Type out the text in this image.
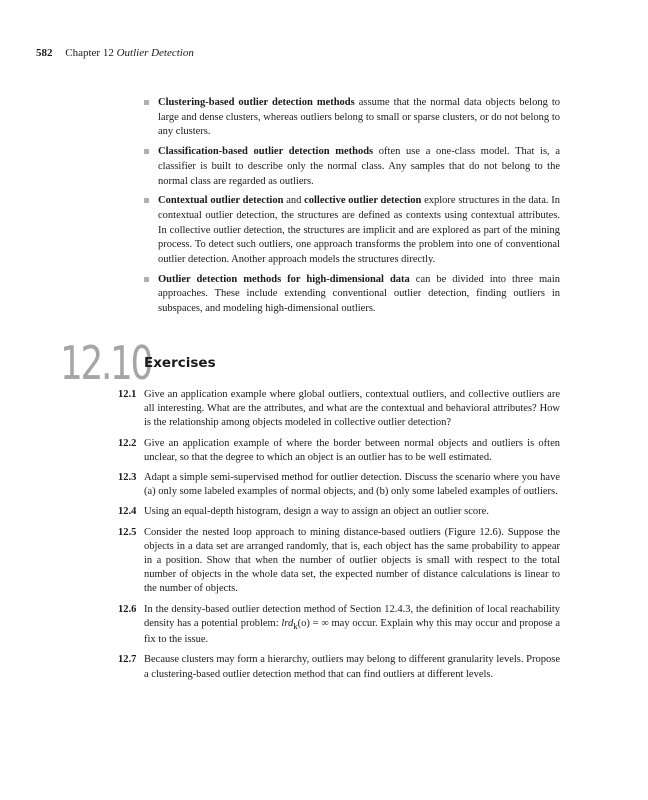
582 Chapter 12 Outlier Detection
Clustering-based outlier detection methods assume that the normal data objects belong to large and dense clusters, whereas outliers belong to small or sparse clusters, or do not belong to any clusters.
Classification-based outlier detection methods often use a one-class model. That is, a classifier is built to describe only the normal class. Any samples that do not belong to the normal class are regarded as outliers.
Contextual outlier detection and collective outlier detection explore structures in the data. In contextual outlier detection, the structures are defined as contexts using contextual attributes. In collective outlier detection, the structures are implicit and are explored as part of the mining process. To detect such outliers, one approach transforms the problem into one of conventional outlier detection. Another approach models the structures directly.
Outlier detection methods for high-dimensional data can be divided into three main approaches. These include extending conventional outlier detection, finding outliers in subspaces, and modeling high-dimensional outliers.
12.10
Exercises
12.1 Give an application example where global outliers, contextual outliers, and collective outliers are all interesting. What are the attributes, and what are the contextual and behavioral attributes? How is the relationship among objects modeled in collective outlier detection?
12.2 Give an application example of where the border between normal objects and outliers is often unclear, so that the degree to which an object is an outlier has to be well estimated.
12.3 Adapt a simple semi-supervised method for outlier detection. Discuss the scenario where you have (a) only some labeled examples of normal objects, and (b) only some labeled examples of outliers.
12.4 Using an equal-depth histogram, design a way to assign an object an outlier score.
12.5 Consider the nested loop approach to mining distance-based outliers (Figure 12.6). Suppose the objects in a data set are arranged randomly, that is, each object has the same probability to appear in a position. Show that when the number of outlier objects is small with respect to the total number of objects in the whole data set, the expected number of distance calculations is linear to the number of objects.
12.6 In the density-based outlier detection method of Section 12.4.3, the definition of local reachability density has a potential problem: lrd$_k$(o) = ∞ may occur. Explain why this may occur and propose a fix to the issue.
12.7 Because clusters may form a hierarchy, outliers may belong to different granularity levels. Propose a clustering-based outlier detection method that can find outliers at different levels.
